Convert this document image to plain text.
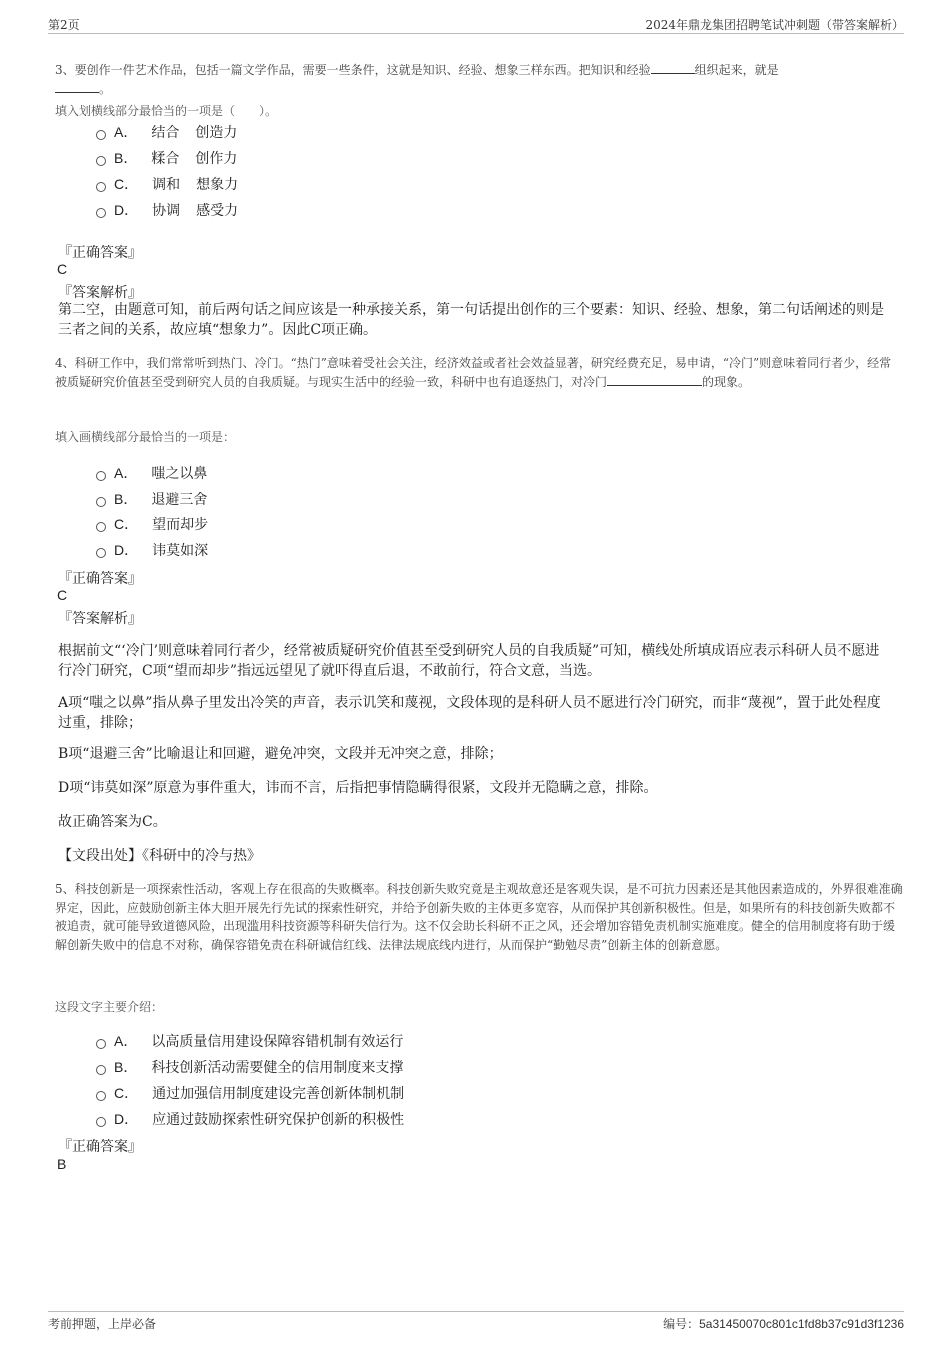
第2页	2024年鼎龙集团招聘笔试冲刺题（带答案解析）
3、要创作一件艺术作品，包括一篇文学作品，需要一些条件，这就是知识、经验、想象三样东西。把知识和经验	组织起来，就是
。
填入划横线部分最恰当的一项是（　　）。
A． 结合 创造力
B． 糅合 创作力
C． 调和 想象力
D． 协调 感受力
『正确答案』
C
『答案解析』
第二空，由题意可知，前后两句话之间应该是一种承接关系，第一句话提出创作的三个要素：知识、经验、想象，第二句话阐述的则是三者之间的关系，故应填“想象力”。因此C项正确。
4、科研工作中，我们常常听到热门、冷门。“热门”意味着受社会关注，经济效益或者社会效益显著，研究经费充足，易申请，“冷门”则意味着同行者少，经常被质疑研究价值甚至受到研究人员的自我质疑。与现实生活中的经验一致，科研中也有追逐热门，对冷门	的现象。
填入画横线部分最恰当的一项是：
A． 嗤之以鼻
B． 退避三舍
C． 望而却步
D． 讳莫如深
『正确答案』
C
『答案解析』
根据前文“‘冷门’则意味着同行者少，经常被质疑研究价值甚至受到研究人员的自我质疑”可知，横线处所填成语应表示科研人员不愿进行冷门研究，C项“望而却步”指远远望见了就吓得直后退，不敢前行，符合文意，当选。
A项“嗤之以鼻”指从鼻子里发出冷笑的声音，表示讥笑和蔑视，文段体现的是科研人员不愿进行冷门研究，而非“蔑视”，置于此处程度过重，排除；
B项“退避三舍”比喻退让和回避，避免冲突，文段并无冲突之意，排除；
D项“讳莫如深”原意为事件重大，讳而不言，后指把事情隐瞒得很紧，文段并无隐瞒之意，排除。
故正确答案为C。
【文段出处】《科研中的冷与热》
5、科技创新是一项探索性活动，客观上存在很高的失败概率。科技创新失败究竟是主观故意还是客观失误，是不可抗力因素还是其他因素造成的，外界很难准确界定，因此，应鼓励创新主体大胆开展先行先试的探索性研究，并给予创新失败的主体更多宽容，从而保护其创新积极性。但是，如果所有的科技创新失败都不被追责，就可能导致道德风险，出现滥用科技资源等科研失信行为。这不仅会助长科研不正之风，还会增加容错免责机制实施难度。健全的信用制度将有助于缓解创新失败中的信息不对称，确保容错免责在科研诚信红线、法律法规底线内进行，从而保护“勤勉尽责”创新主体的创新意愿。
这段文字主要介绍：
A． 以高质量信用建设保障容错机制有效运行
B． 科技创新活动需要健全的信用制度来支撑
C． 通过加强信用制度建设完善创新体制机制
D． 应通过鼓励探索性研究保护创新的积极性
『正确答案』
B
考前押题，上岸必备	编号：5a31450070c801c1fd8b37c91d3f1236
